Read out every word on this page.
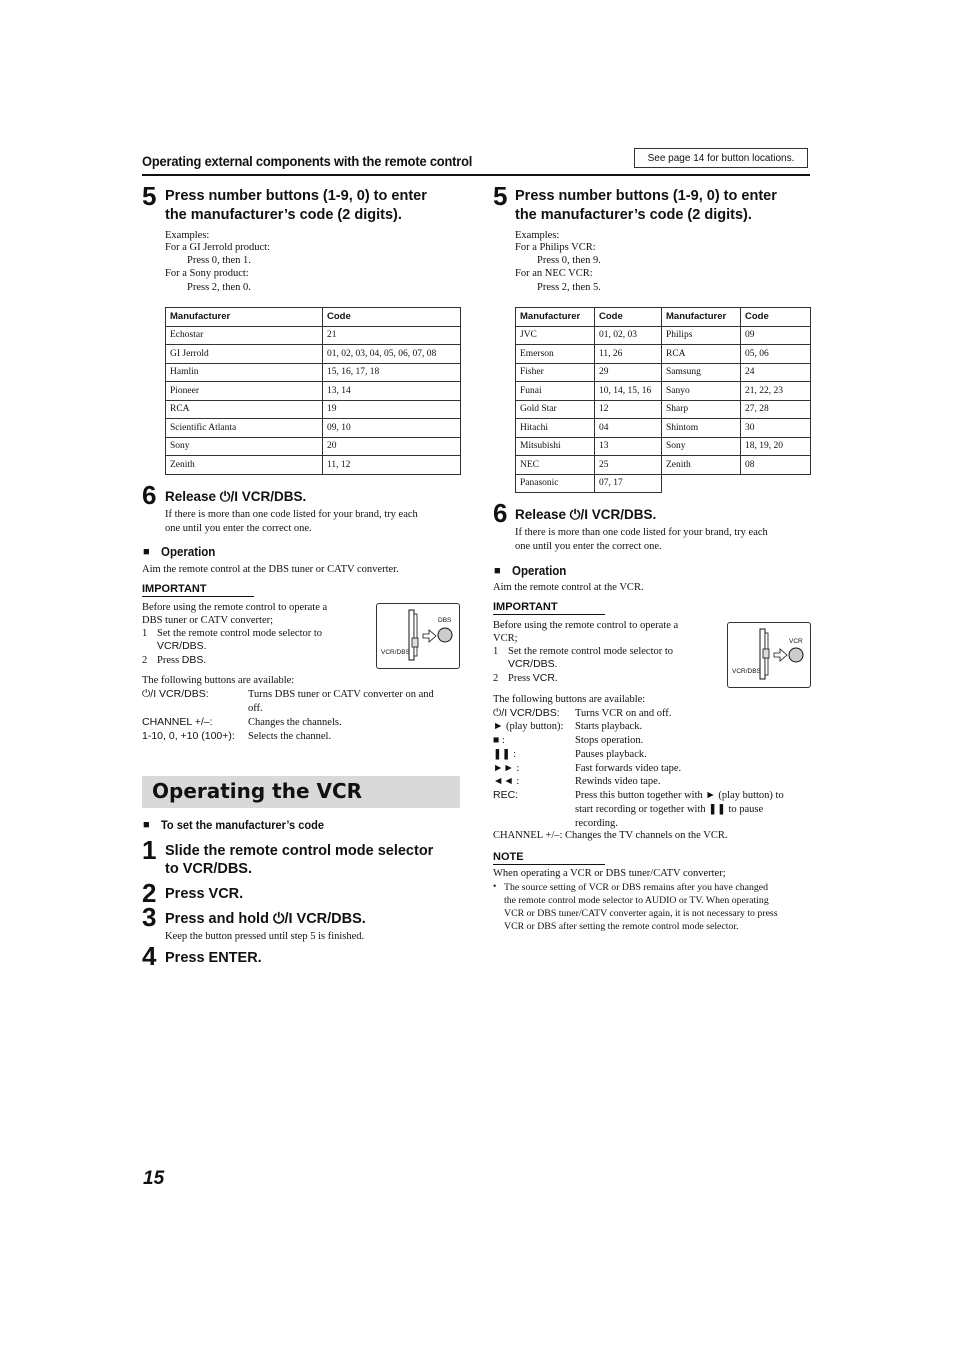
Operating external components with the remote control	See page 14 for button locations.
5 Press number buttons (1-9, 0) to enter
the manufacturer’s code (2 digits).
Examples:
For a GI Jerrold product:
Press 0, then 1.
For a Sony product:
Press 2, then 0.
Manufacturer	Code
Echostar	21
GI Jerrold	01, 02, 03, 04, 05, 06, 07, 08
Hamlin	15, 16, 17, 18
Pioneer	13, 14
RCA	19
Scientific Atlanta	09, 10
Sony	20
Zenith	11, 12
6 Release ⏻/I VCR/DBS.
If there is more than one code listed for your brand, try each
one until you enter the correct one.
■ Operation
Aim the remote control at the DBS tuner or CATV converter.
IMPORTANT
Before using the remote control to operate a
DBS tuner or CATV converter;
1 Set the remote control mode selector to
VCR/DBS.
2 Press DBS.
DBS
VCR/DBS
The following buttons are available:
⏻/I VCR/DBS:	Turns DBS tuner or CATV converter on and
off.
CHANNEL +/–:	Changes the channels.
1-10, 0, +10 (100+): Selects the channel.
Operating the VCR
■ To set the manufacturer’s code
1 Slide the remote control mode selector
to VCR/DBS.
2 Press VCR.
3 Press and hold ⏻/I VCR/DBS.
Keep the button pressed until step 5 is finished.
4 Press ENTER.
5 Press number buttons (1-9, 0) to enter
the manufacturer’s code (2 digits).
Examples:
For a Philips VCR:
Press 0, then 9.
For an NEC VCR:
Press 2, then 5.
Manufacturer	Code	Manufacturer	Code
JVC	01, 02, 03	Philips	09
Emerson	11, 26	RCA	05, 06
Fisher	29	Samsung	24
Funai	10, 14, 15, 16	Sanyo	21, 22, 23
Gold Star	12	Sharp	27, 28
Hitachi	04	Shintom	30
Mitsubishi	13	Sony	18, 19, 20
NEC	25	Zenith	08
Panasonic	07, 17		
6 Release ⏻/I VCR/DBS.
If there is more than one code listed for your brand, try each
one until you enter the correct one.
■ Operation
Aim the remote control at the VCR.
IMPORTANT
Before using the remote control to operate a
VCR;
1 Set the remote control mode selector to
VCR/DBS.
2 Press VCR.
VCR
VCR/DBS
The following buttons are available:
⏻/I VCR/DBS: Turns VCR on and off.
► (play button): Starts playback.
■ :	Stops operation.
❚❚ :	Pauses playback.
►► :	Fast forwards video tape.
◄◄ :	Rewinds video tape.
REC:	Press this button together with ► (play button) to
start recording or together with ❚❚ to pause
recording.
CHANNEL +/–: Changes the TV channels on the VCR.
NOTE
When operating a VCR or DBS tuner/CATV converter;
• The source setting of VCR or DBS remains after you have changed
the remote control mode selector to AUDIO or TV. When operating
VCR or DBS tuner/CATV converter again, it is not necessary to press
VCR or DBS after setting the remote control mode selector.
15
